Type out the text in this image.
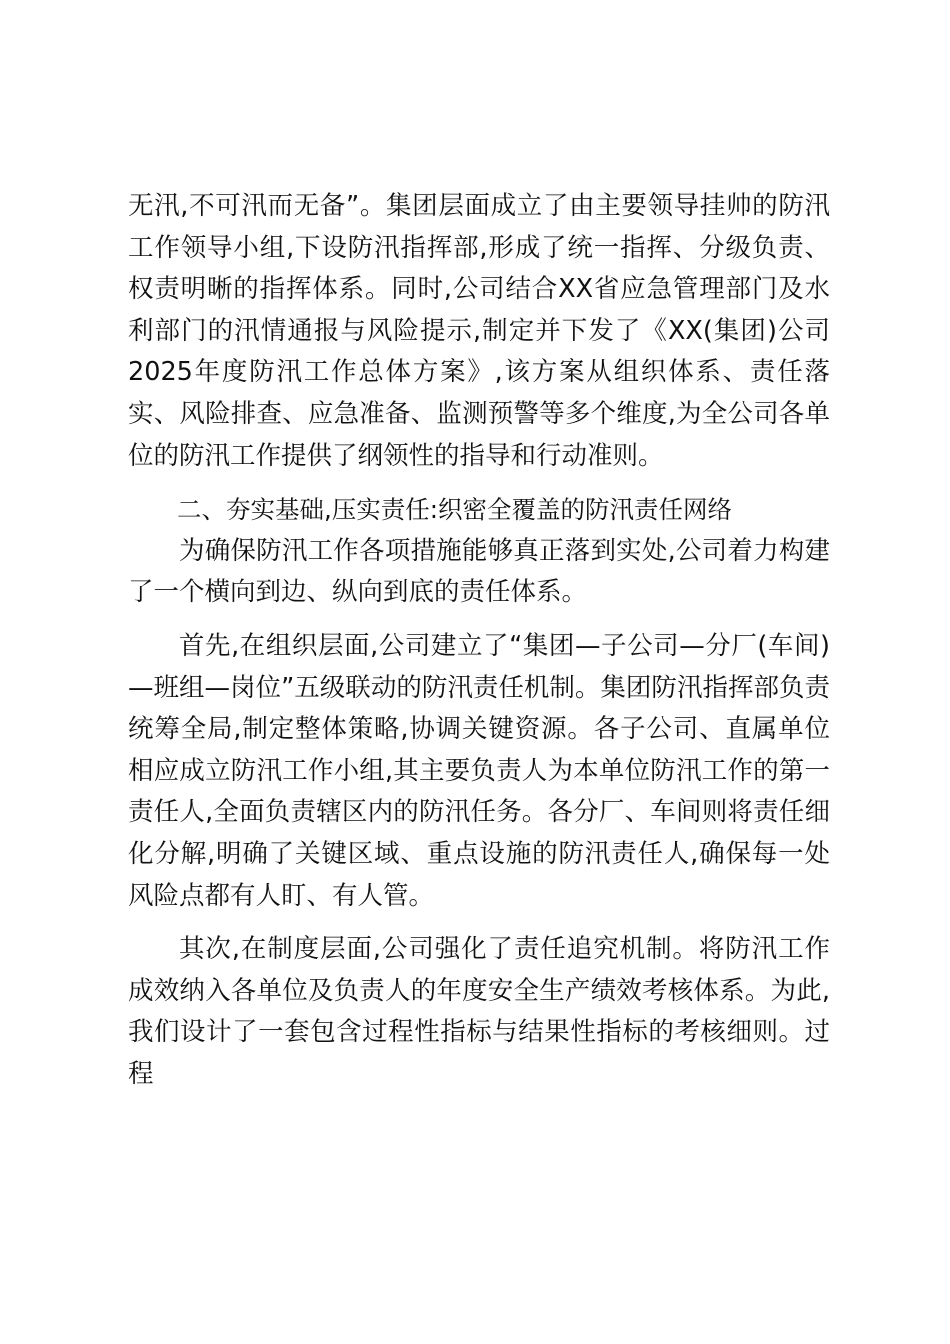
无汛,不可汛而无备”。集团层面成立了由主要领导挂帅的防汛工作领导小组,下设防汛指挥部,形成了统一指挥、分级负责、权责明晰的指挥体系。同时,公司结合XX省应急管理部门及水利部门的汛情通报与风险提示,制定并下发了《XX(集团)公司2025年度防汛工作总体方案》,该方案从组织体系、责任落实、风险排查、应急准备、监测预警等多个维度,为全公司各单位的防汛工作提供了纲领性的指导和行动准则。

二、夯实基础,压实责任:织密全覆盖的防汛责任网络

为确保防汛工作各项措施能够真正落到实处,公司着力构建了一个横向到边、纵向到底的责任体系。

首先,在组织层面,公司建立了“集团—子公司—分厂(车间)—班组—岗位”五级联动的防汛责任机制。集团防汛指挥部负责统筹全局,制定整体策略,协调关键资源。各子公司、直属单位相应成立防汛工作小组,其主要负责人为本单位防汛工作的第一责任人,全面负责辖区内的防汛任务。各分厂、车间则将责任细化分解,明确了关键区域、重点设施的防汛责任人,确保每一处风险点都有人盯、有人管。

其次,在制度层面,公司强化了责任追究机制。将防汛工作成效纳入各单位及负责人的年度安全生产绩效考核体系。为此,我们设计了一套包含过程性指标与结果性指标的考核细则。过程
